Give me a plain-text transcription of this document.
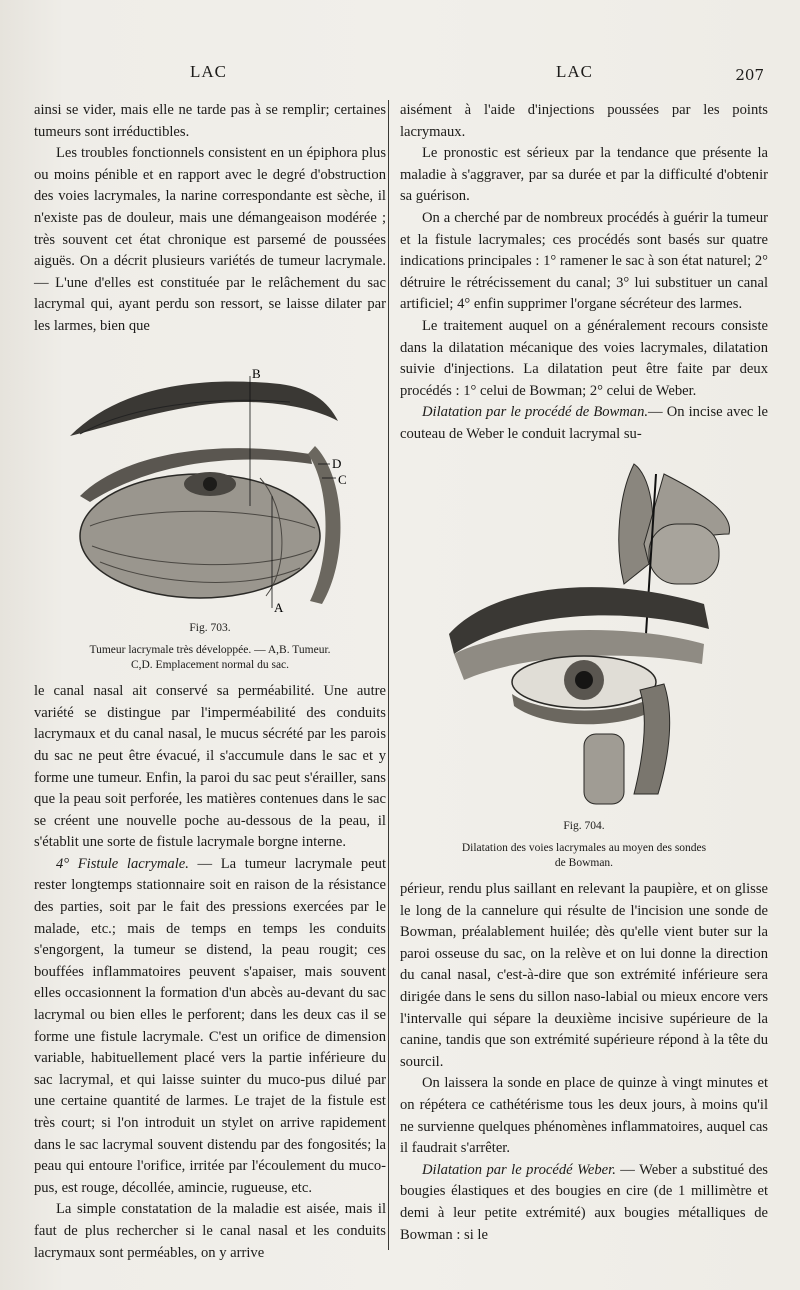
LAC	LAC	207

ainsi se vider, mais elle ne tarde pas à se remplir; certaines tumeurs sont irréductibles.

Les troubles fonctionnels consistent en un épiphora plus ou moins pénible et en rapport avec le degré d'obstruction des voies lacrymales, la narine correspondante est sèche, il n'existe pas de douleur, mais une démangeaison modérée ; très souvent cet état chronique est parsemé de poussées aiguës. On a décrit plusieurs variétés de tumeur lacrymale. — L'une d'elles est constituée par le relâchement du sac lacrymal qui, ayant perdu son ressort, se laisse dilater par les larmes, bien que

B
A
D
C
Fig. 703.
Tumeur lacrymale très développée. — A,B. Tumeur.
C,D. Emplacement normal du sac.

le canal nasal ait conservé sa perméabilité. Une autre variété se distingue par l'imperméabilité des conduits lacrymaux et du canal nasal, le mucus sécrété par les parois du sac ne peut être évacué, il s'accumule dans le sac et y forme une tumeur. Enfin, la paroi du sac peut s'érailler, sans que la peau soit perforée, les matières contenues dans le sac se créent une nouvelle poche au-dessous de la peau, il s'établit une sorte de fistule lacrymale borgne interne.

4° Fistule lacrymale. — La tumeur lacrymale peut rester longtemps stationnaire soit en raison de la résistance des parties, soit par le fait des pressions exercées par le malade, etc.; mais de temps en temps les conduits s'engorgent, la tumeur se distend, la peau rougit; ces bouffées inflammatoires peuvent s'apaiser, mais souvent elles occasionnent la formation d'un abcès au-devant du sac lacrymal ou bien elles le perforent; dans les deux cas il se forme une fistule lacrymale. C'est un orifice de dimension variable, habituellement placé vers la partie inférieure du sac lacrymal, et qui laisse suinter du muco-pus dilué par une certaine quantité de larmes. Le trajet de la fistule est très court; si l'on introduit un stylet on arrive rapidement dans le sac lacrymal souvent distendu par des fongosités; la peau qui entoure l'orifice, irritée par l'écoulement du muco-pus, est rouge, décollée, amincie, rugueuse, etc.

La simple constatation de la maladie est aisée, mais il faut de plus rechercher si le canal nasal et les conduits lacrymaux sont perméables, on y arrive

aisément à l'aide d'injections poussées par les points lacrymaux.

Le pronostic est sérieux par la tendance que présente la maladie à s'aggraver, par sa durée et par la difficulté d'obtenir sa guérison.

On a cherché par de nombreux procédés à guérir la tumeur et la fistule lacrymales; ces procédés sont basés sur quatre indications principales : 1° ramener le sac à son état naturel; 2° détruire le rétrécissement du canal; 3° lui substituer un canal artificiel; 4° enfin supprimer l'organe sécréteur des larmes.

Le traitement auquel on a généralement recours consiste dans la dilatation mécanique des voies lacrymales, dilatation suivie d'injections. La dilatation peut être faite par deux procédés : 1° celui de Bowman; 2° celui de Weber.

Dilatation par le procédé de Bowman.— On incise avec le couteau de Weber le conduit lacrymal su-

Fig. 704.
Dilatation des voies lacrymales au moyen des sondes
de Bowman.

périeur, rendu plus saillant en relevant la paupière, et on glisse le long de la cannelure qui résulte de l'incision une sonde de Bowman, préalablement huilée; dès qu'elle vient buter sur la paroi osseuse du sac, on la relève et on lui donne la direction du canal nasal, c'est-à-dire que son extrémité inférieure sera dirigée dans le sens du sillon naso-labial ou mieux encore vers l'intervalle qui sépare la deuxième incisive supérieure de la canine, tandis que son extrémité supérieure répond à la tête du sourcil.

On laissera la sonde en place de quinze à vingt minutes et on répétera ce cathétérisme tous les deux jours, à moins qu'il ne survienne quelques phénomènes inflammatoires, auquel cas il faudrait s'arrêter.

Dilatation par le procédé Weber. — Weber a substitué des bougies élastiques et des bougies en cire (de 1 millimètre et demi à leur petite extrémité) aux bougies métalliques de Bowman : si le
